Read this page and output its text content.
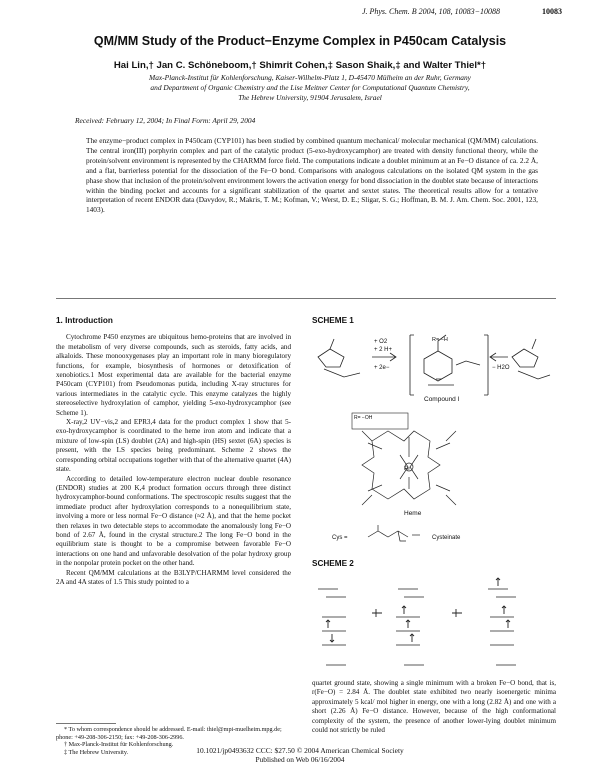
J. Phys. Chem. B 2004, 108, 10083−10088	10083
QM/MM Study of the Product−Enzyme Complex in P450cam Catalysis
Hai Lin,† Jan C. Schöneboom,† Shimrit Cohen,‡ Sason Shaik,‡ and Walter Thiel*†
Max-Planck-Institut für Kohlenforschung, Kaiser-Wilhelm-Platz 1, D-45470 Mülheim an der Ruhr, Germany
and Department of Organic Chemistry and the Lise Meitner Center for Computational Quantum Chemistry,
The Hebrew University, 91904 Jerusalem, Israel
Received: February 12, 2004; In Final Form: April 29, 2004
The enzyme−product complex in P450cam (CYP101) has been studied by combined quantum mechanical/ molecular mechanical (QM/MM) calculations. The central iron(III) porphyrin complex and part of the catalytic product (5-exo-hydroxycamphor) are treated with density functional theory, while the protein/solvent environment is represented by the CHARMM force field. The computations indicate a doublet minimum at an Fe−O distance of ca. 2.2 Å, and a flat, barrierless potential for the dissociation of the Fe−O bond. Comparisons with analogous calculations on the isolated QM system in the gas phase show that inclusion of the protein/solvent environment lowers the activation energy for bond dissociation in the doublet state because of interactions within the binding pocket and accounts for a significant stabilization of the quartet and sextet states. The theoretical results allow for a tentative interpretation of recent ENDOR data (Davydov, R.; Makris, T. M.; Kofman, V.; Werst, D. E.; Sligar, S. G.; Hoffman, B. M. J. Am. Chem. Soc. 2001, 123, 1403).
1. Introduction

Cytochrome P450 enzymes are ubiquitous hemo-proteins that are involved in the metabolism of very diverse compounds, such as steroids, fatty acids, and alkaloids. These monooxygenases play an important role in many bioregulatory functions, for example, biosynthesis of hormones or detoxification of xenobiotics.1 Most experimental data are available for the bacterial enzyme P450cam (CYP101) from Pseudomonas putida, including X-ray structures for various intermediates in the catalytic cycle. This enzyme catalyzes the highly stereoselective hydroxylation of camphor, yielding 5-exo-hydroxycamphor (see Scheme 1).

X-ray,2 UV−vis,2 and EPR3,4 data for the product complex 1 show that 5-exo-hydroxycamphor is coordinated to the heme iron atom and indicate that a mixture of low-spin (LS) doublet (2A) and high-spin (HS) sextet (6A) species is present, with the LS species being predominant. Scheme 2 shows the corresponding orbital occupations together with that of the alternative quartet (4A) state.

According to detailed low-temperature electron nuclear double resonance (ENDOR) studies at 200 K,4 product formation occurs through three distinct hydroxycamphor-bound conformations. The spectroscopic results suggest that the immediate product after hydroxylation corresponds to a nonequilibrium state, involving a more or less normal Fe−O distance (≈2 Å), and that the heme pocket then relaxes in two detectable steps to accommodate the anomalously long Fe−O bond of 2.67 Å, found in the crystal structure.2 The long Fe−O bond in the equilibrium state is thought to be a compromise between favorable Fe−O interactions on one hand and unfavorable desolvation of the polar hydroxy group in the nonpolar protein pocket on the other hand.

Recent QM/MM calculations at the B3LYP/CHARMM level considered the 2A and 4A states of 1.5 This study pointed to a

SCHEME 1
+ O2
+ 2 H+
+ 2e−	− H2O
R= −H
Compound I
R= −OH
Fe
Heme
Cys =	Cysteinate
SCHEME 2
quartet ground state, showing a single minimum with a broken Fe−O bond, that is, r(Fe−O) = 2.84 Å. The doublet state exhibited two nearly isoenergetic minima approximately 5 kcal/ mol higher in energy, one with a long (2.82 Å) and one with a short (2.26 Å) Fe−O distance. However, because of the high conformational complexity of the system, the presence of another lower-lying doublet minimum could not strictly be ruled
* To whom correspondence should be addressed. E-mail: thiel@mpi-muelheim.mpg.de; phone: +49-208-306-2150; fax: +49-208-306-2996.
† Max-Planck-Institut für Kohlenforschung.
‡ The Hebrew University.	10.1021/jp0493632 CCC: $27.50 © 2004 American Chemical Society
Published on Web 06/16/2004
